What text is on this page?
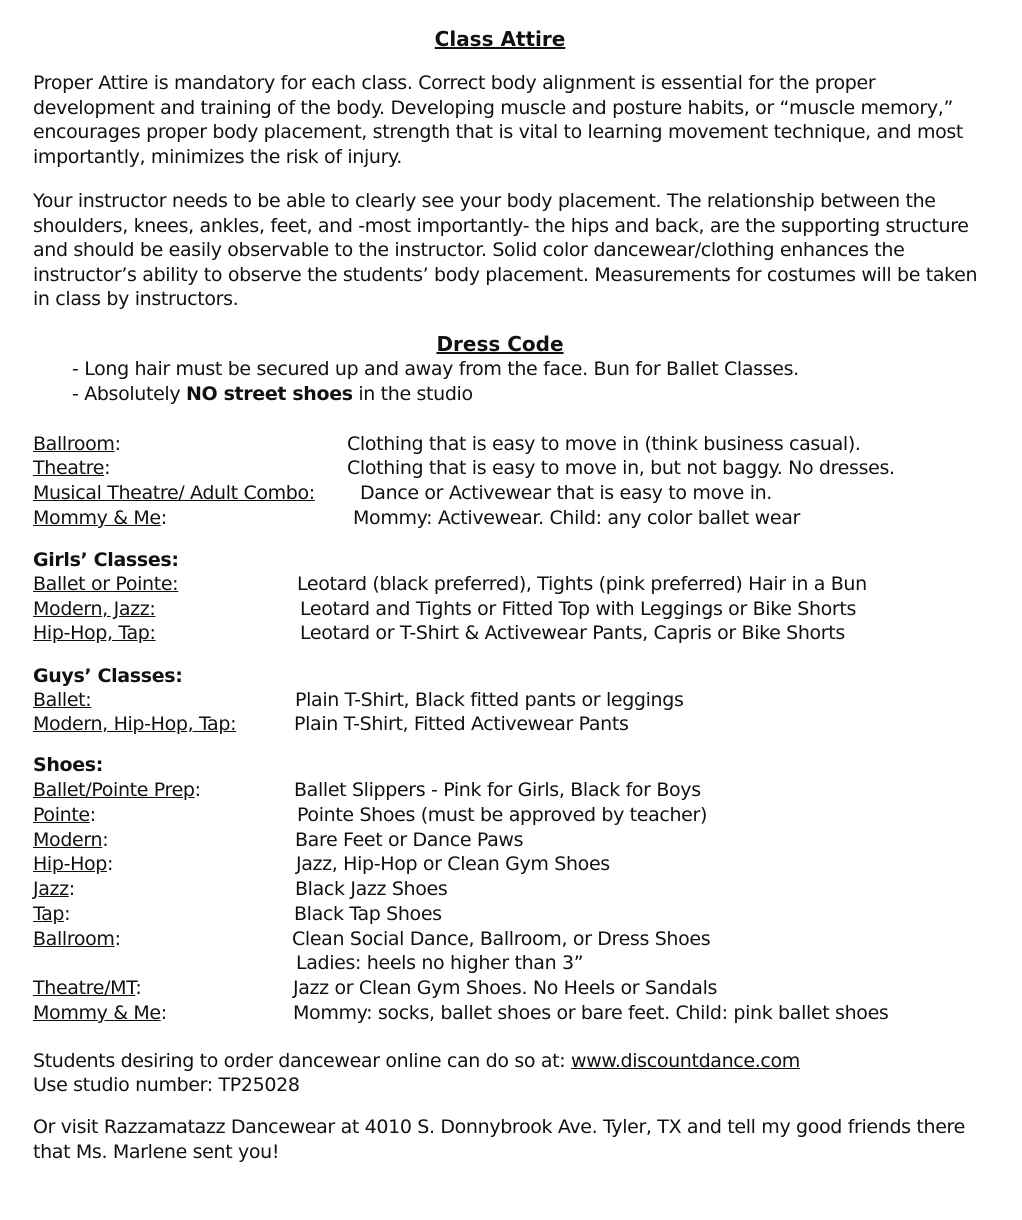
Class Attire
Proper Attire is mandatory for each class. Correct body alignment is essential for the proper development and training of the body. Developing muscle and posture habits, or “muscle memory,” encourages proper body placement, strength that is vital to learning movement technique, and most importantly, minimizes the risk of injury.
Your instructor needs to be able to clearly see your body placement. The relationship between the shoulders, knees, ankles, feet, and -most importantly- the hips and back, are the supporting structure and should be easily observable to the instructor. Solid color dancewear/clothing enhances the instructor’s ability to observe the students’ body placement. Measurements for costumes will be taken in class by instructors.
Dress Code
- Long hair must be secured up and away from the face. Bun for Ballet Classes.
- Absolutely NO street shoes in the studio
Ballroom:	Clothing that is easy to move in (think business casual).
Theatre:	Clothing that is easy to move in, but not baggy. No dresses.
Musical Theatre/ Adult Combo: Dance or Activewear that is easy to move in.
Mommy & Me:	Mommy: Activewear. Child: any color ballet wear
Girls’ Classes:
Ballet or Pointe:	Leotard (black preferred), Tights (pink preferred) Hair in a Bun
Modern, Jazz:	Leotard and Tights or Fitted Top with Leggings or Bike Shorts
Hip-Hop, Tap:	Leotard or T-Shirt & Activewear Pants, Capris or Bike Shorts
Guys’ Classes:
Ballet:	Plain T-Shirt, Black fitted pants or leggings
Modern, Hip-Hop, Tap:	Plain T-Shirt, Fitted Activewear Pants
Shoes:
Ballet/Pointe Prep:	Ballet Slippers - Pink for Girls, Black for Boys
Pointe:	Pointe Shoes (must be approved by teacher)
Modern:	Bare Feet or Dance Paws
Hip-Hop:	Jazz, Hip-Hop or Clean Gym Shoes
Jazz:	Black Jazz Shoes
Tap:	Black Tap Shoes
Ballroom:	Clean Social Dance, Ballroom, or Dress Shoes
Ladies: heels no higher than 3”
Theatre/MT:	Jazz or Clean Gym Shoes. No Heels or Sandals
Mommy & Me:	Mommy: socks, ballet shoes or bare feet. Child: pink ballet shoes
Students desiring to order dancewear online can do so at: www.discountdance.com
Use studio number: TP25028
Or visit Razzamatazz Dancewear at 4010 S. Donnybrook Ave. Tyler, TX and tell my good friends there that Ms. Marlene sent you!
